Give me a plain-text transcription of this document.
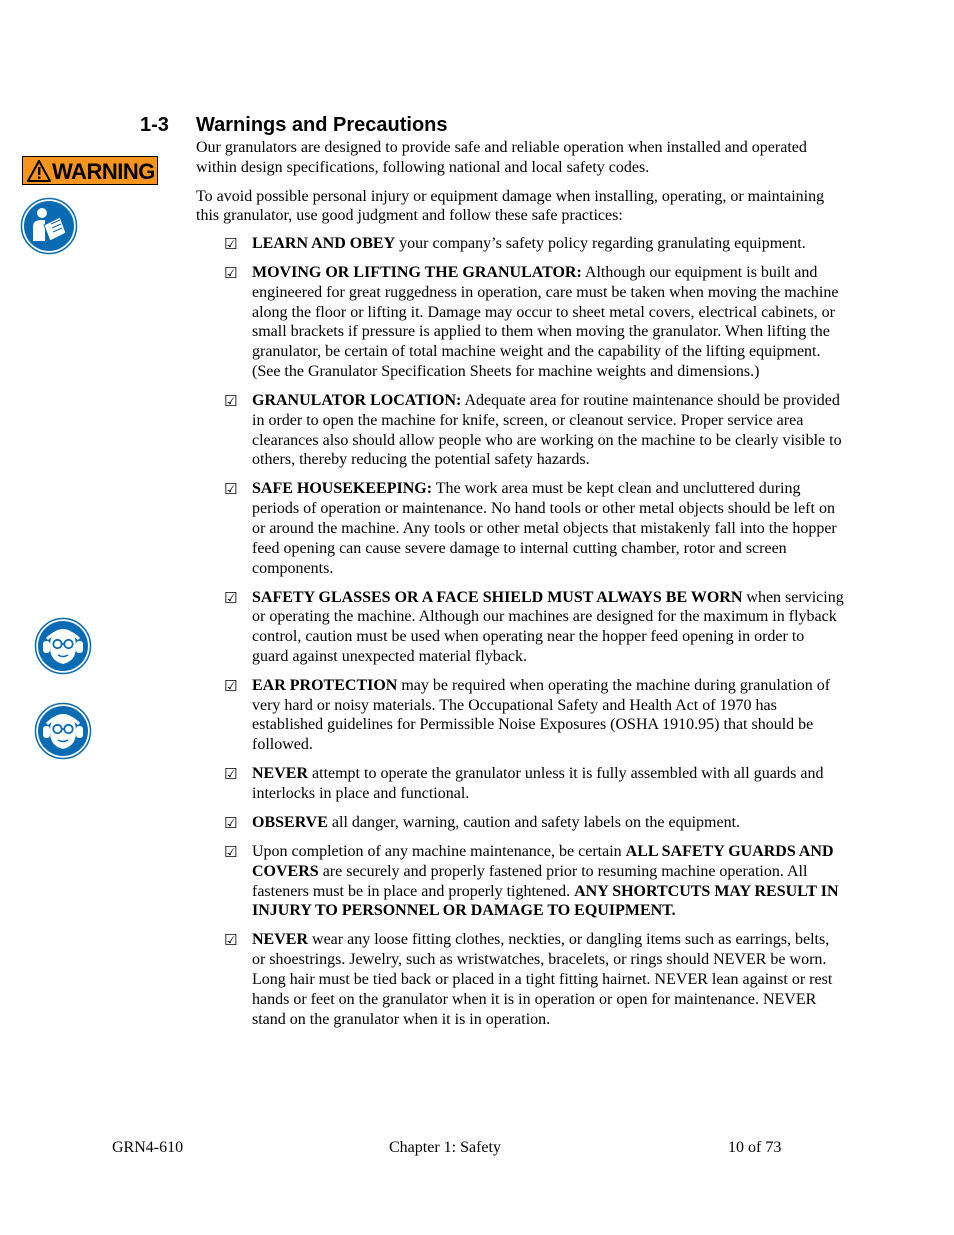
1-3 Warnings and Precautions
WARNING

Our granulators are designed to provide safe and reliable operation when installed and operated within design specifications, following national and local safety codes.

To avoid possible personal injury or equipment damage when installing, operating, or maintaining this granulator, use good judgment and follow these safe practices:

☑ LEARN AND OBEY your company’s safety policy regarding granulating equipment.
☑ MOVING OR LIFTING THE GRANULATOR: Although our equipment is built and engineered for great ruggedness in operation, care must be taken when moving the machine along the floor or lifting it. Damage may occur to sheet metal covers, electrical cabinets, or small brackets if pressure is applied to them when moving the granulator. When lifting the granulator, be certain of total machine weight and the capability of the lifting equipment. (See the Granulator Specification Sheets for machine weights and dimensions.)
☑ GRANULATOR LOCATION: Adequate area for routine maintenance should be provided in order to open the machine for knife, screen, or cleanout service. Proper service area clearances also should allow people who are working on the machine to be clearly visible to others, thereby reducing the potential safety hazards.
☑ SAFE HOUSEKEEPING: The work area must be kept clean and uncluttered during periods of operation or maintenance. No hand tools or other metal objects should be left on or around the machine. Any tools or other metal objects that mistakenly fall into the hopper feed opening can cause severe damage to internal cutting chamber, rotor and screen components.
☑ SAFETY GLASSES OR A FACE SHIELD MUST ALWAYS BE WORN when servicing or operating the machine. Although our machines are designed for the maximum in flyback control, caution must be used when operating near the hopper feed opening in order to guard against unexpected material flyback.
☑ EAR PROTECTION may be required when operating the machine during granulation of very hard or noisy materials. The Occupational Safety and Health Act of 1970 has established guidelines for Permissible Noise Exposures (OSHA 1910.95) that should be followed.
☑ NEVER attempt to operate the granulator unless it is fully assembled with all guards and interlocks in place and functional.
☑ OBSERVE all danger, warning, caution and safety labels on the equipment.
☑ Upon completion of any machine maintenance, be certain ALL SAFETY GUARDS AND COVERS are securely and properly fastened prior to resuming machine operation. All fasteners must be in place and properly tightened. ANY SHORTCUTS MAY RESULT IN INJURY TO PERSONNEL OR DAMAGE TO EQUIPMENT.
☑ NEVER wear any loose fitting clothes, neckties, or dangling items such as earrings, belts, or shoestrings. Jewelry, such as wristwatches, bracelets, or rings should NEVER be worn. Long hair must be tied back or placed in a tight fitting hairnet. NEVER lean against or rest hands or feet on the granulator when it is in operation or open for maintenance. NEVER stand on the granulator when it is in operation.
GRN4-610	Chapter 1: Safety	10 of 73
